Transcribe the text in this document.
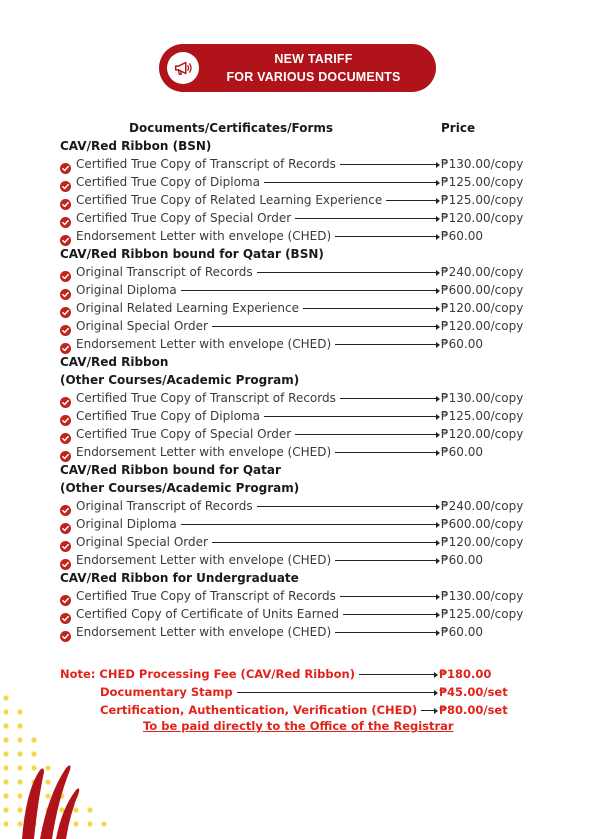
NEW TARIFF
FOR VARIOUS DOCUMENTS
Documents/Certificates/Forms	Price
CAV/Red Ribbon (BSN)
Certified True Copy of Transcript of Records	₱130.00/copy
Certified True Copy of Diploma	₱125.00/copy
Certified True Copy of Related Learning Experience	₱125.00/copy
Certified True Copy of Special Order	₱120.00/copy
Endorsement Letter with envelope (CHED)	₱60.00
CAV/Red Ribbon bound for Qatar (BSN)
Original Transcript of Records	₱240.00/copy
Original Diploma	₱600.00/copy
Original Related Learning Experience	₱120.00/copy
Original Special Order	₱120.00/copy
Endorsement Letter with envelope (CHED)	₱60.00
CAV/Red Ribbon
(Other Courses/Academic Program)
Certified True Copy of Transcript of Records	₱130.00/copy
Certified True Copy of Diploma	₱125.00/copy
Certified True Copy of Special Order	₱120.00/copy
Endorsement Letter with envelope (CHED)	₱60.00
CAV/Red Ribbon bound for Qatar
(Other Courses/Academic Program)
Original Transcript of Records	₱240.00/copy
Original Diploma	₱600.00/copy
Original Special Order	₱120.00/copy
Endorsement Letter with envelope (CHED)	₱60.00
CAV/Red Ribbon for Undergraduate
Certified True Copy of Transcript of Records	₱130.00/copy
Certified Copy of Certificate of Units Earned	₱125.00/copy
Endorsement Letter with envelope (CHED)	₱60.00
Note: CHED Processing Fee (CAV/Red Ribbon)	₱180.00
Documentary Stamp	₱45.00/set
Certification, Authentication, Verification (CHED) ₱80.00/set
To be paid directly to the Office of the Registrar
